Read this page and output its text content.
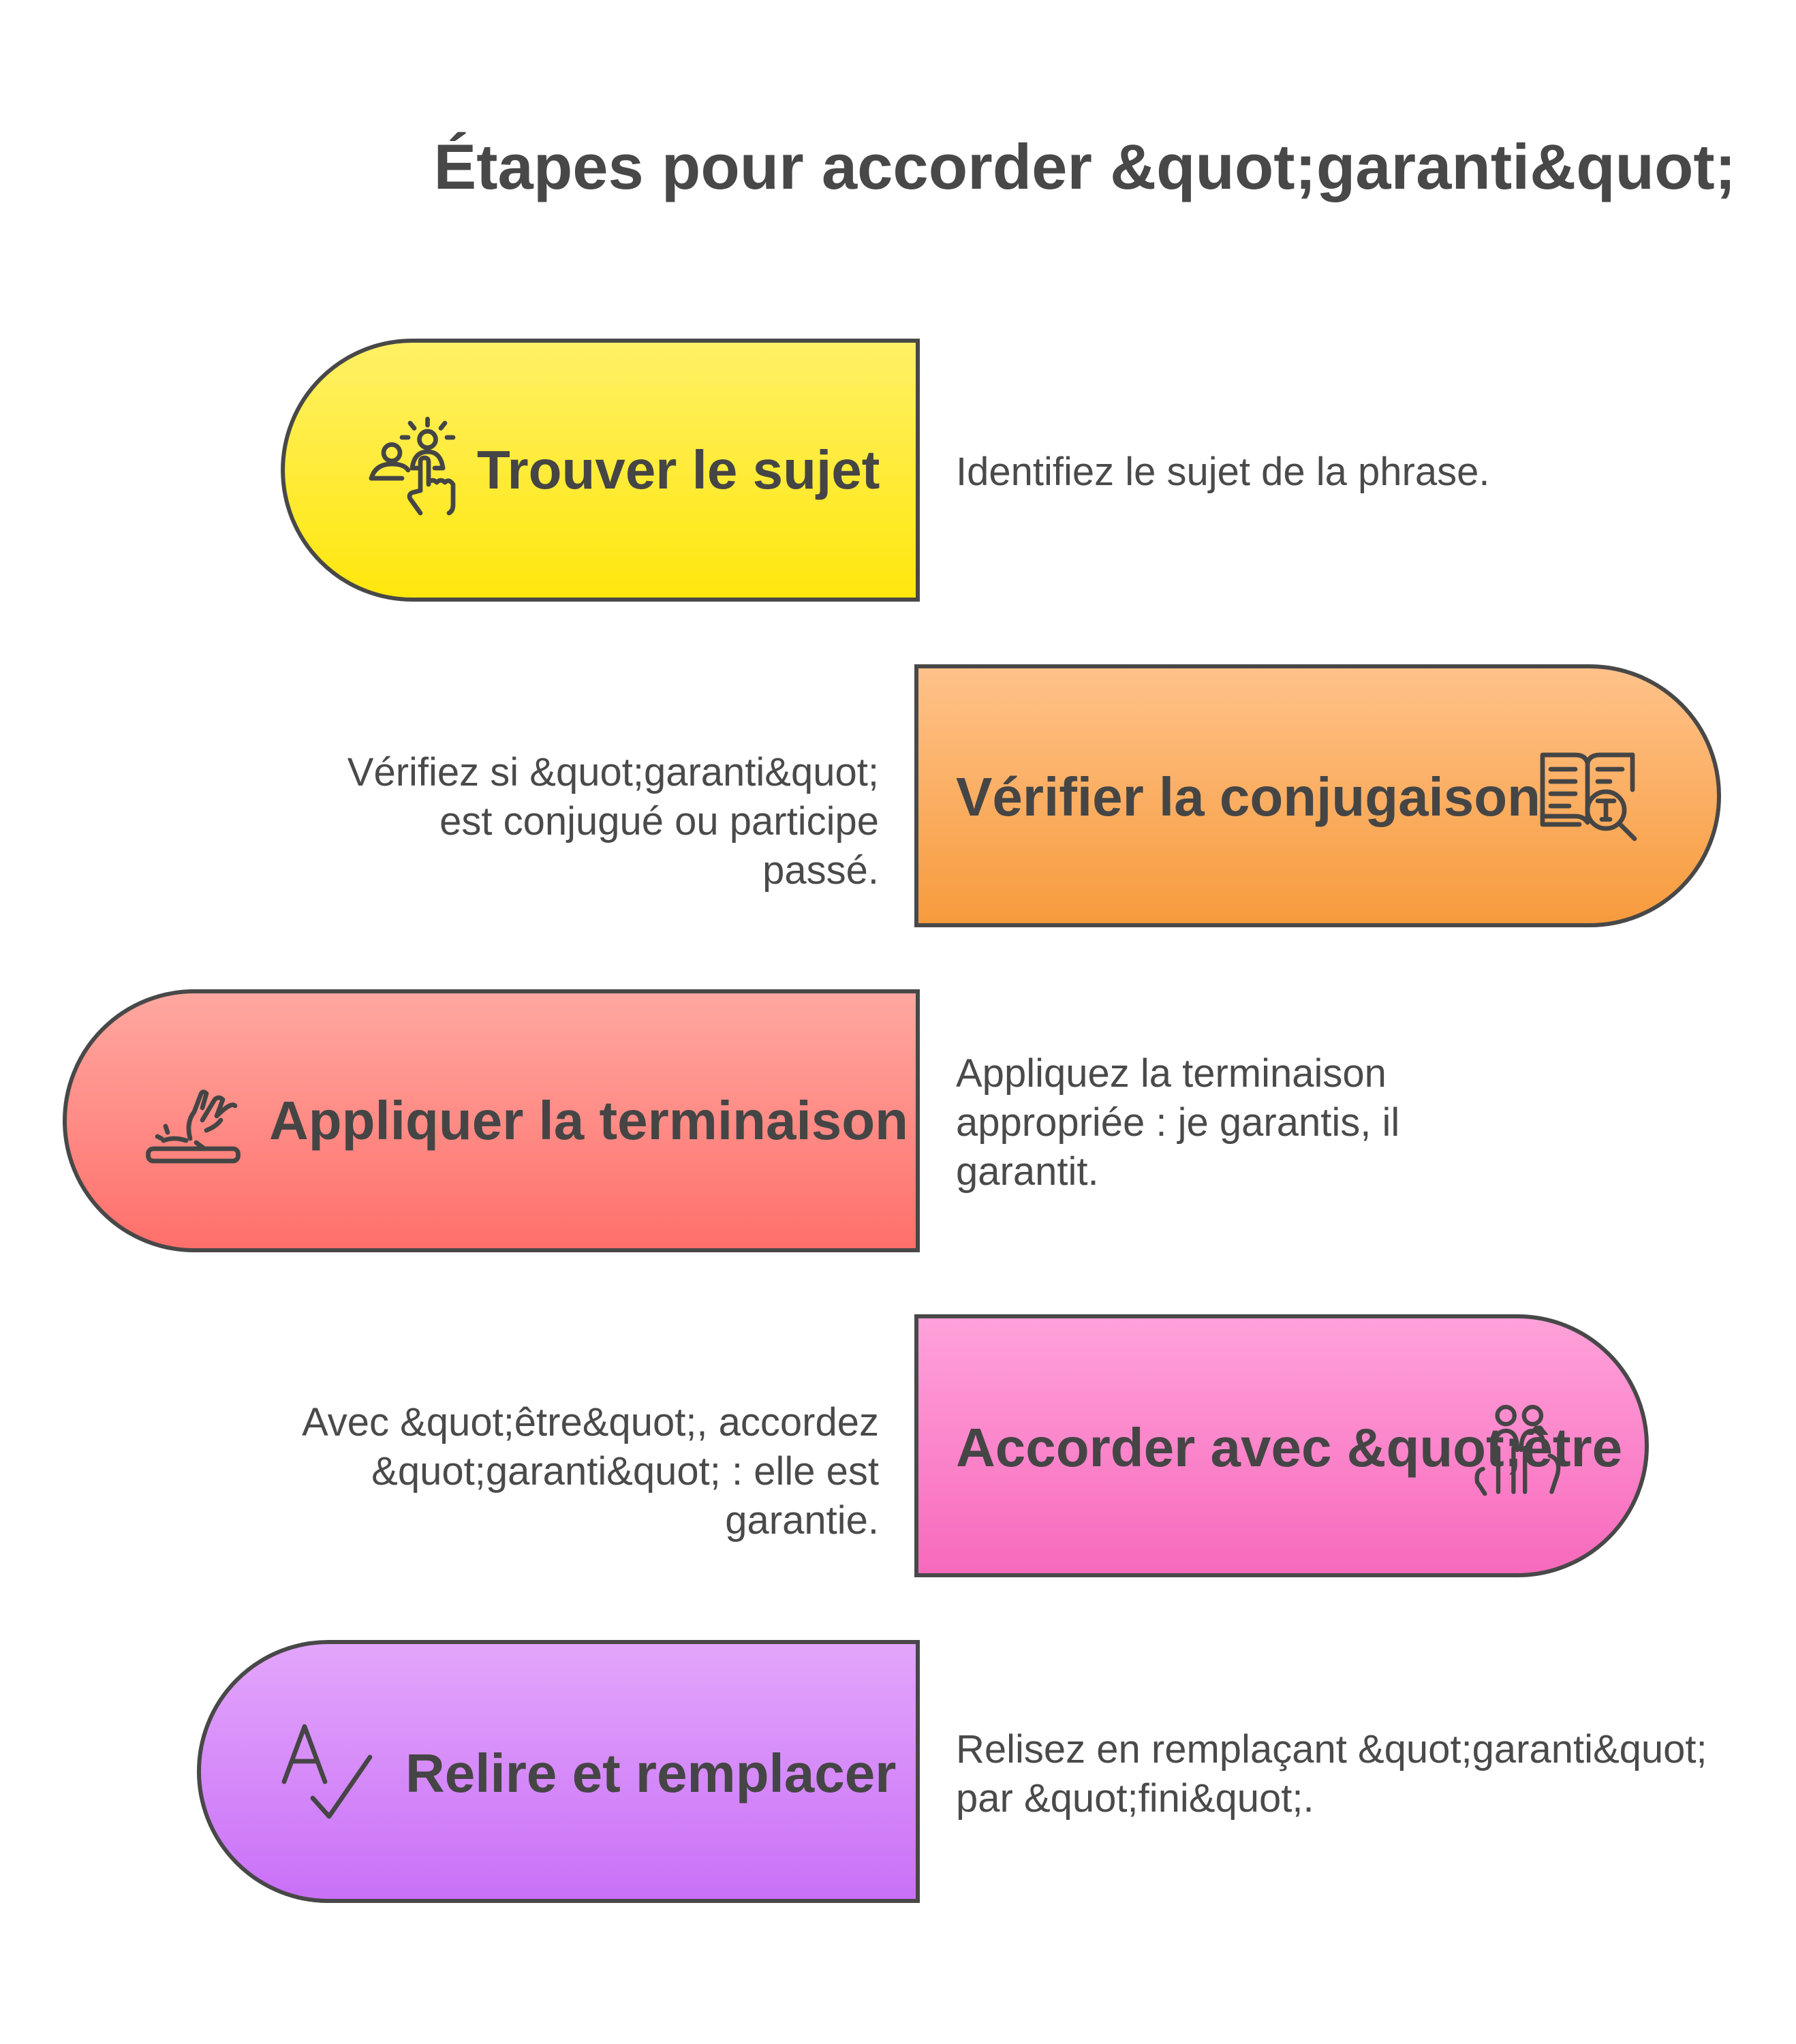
Étapes pour accorder &quot;garanti&quot;
Trouver le sujet Identifiez le sujet de la phrase.
Vérifiez si &quot;garanti&quot; est conjugué ou participe passé.
Vérifier la conjugaison
Appliquer la terminaison
Appliquez la terminaison appropriée : je garantis, il garantit.
Avec &quot;être&quot;, accordez &quot;garanti&quot; : elle est garantie.
Accorder avec &quot;être
Relire et remplacer Relisez en remplaçant &quot;garanti&quot; par &quot;fini&quot;.
